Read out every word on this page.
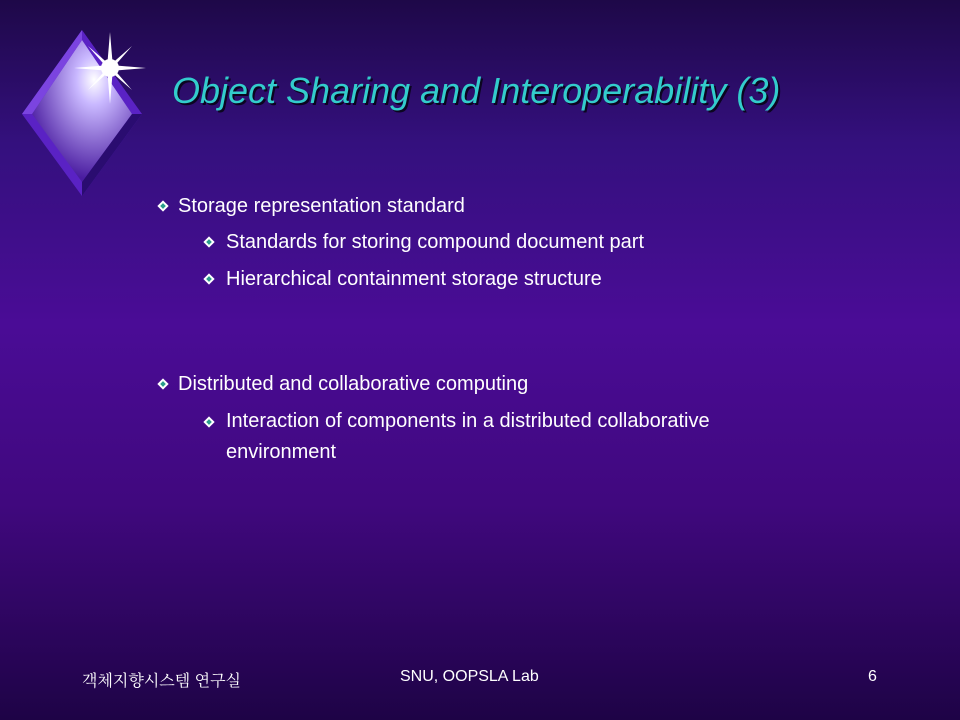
Object Sharing and Interoperability (3)
Storage representation standard
Standards for storing compound document part
Hierarchical containment storage structure
Distributed and collaborative computing
Interaction of components in a distributed collaborative
environment
객체지향시스템 연구실	SNU, OOPSLA Lab	6
